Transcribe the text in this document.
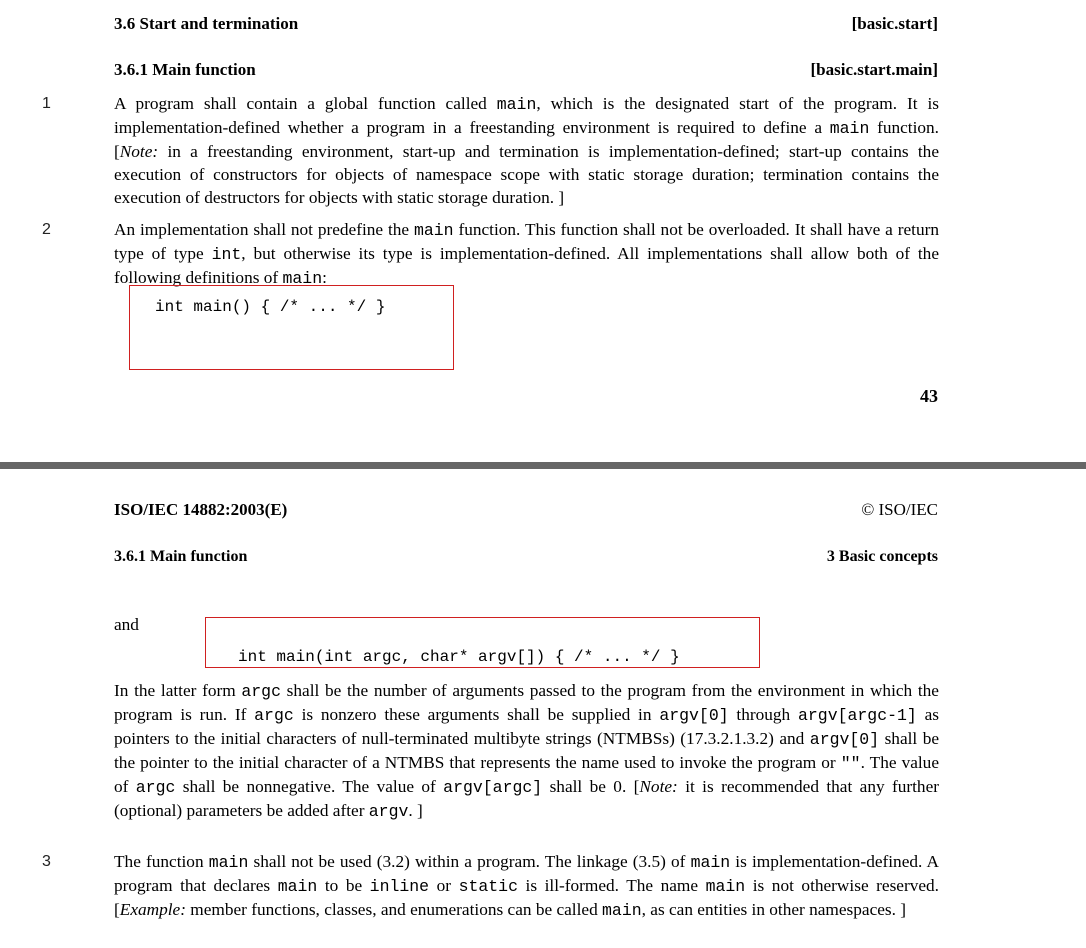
3.6 Start and termination	[basic.start]
3.6.1 Main function	[basic.start.main]
1	A program shall contain a global function called main, which is the designated start of the program. It is implementation-defined whether a program in a freestanding environment is required to define a main function. [Note: in a freestanding environment, start-up and termination is implementation-defined; start-up contains the execution of constructors for objects of namespace scope with static storage duration; termination contains the execution of destructors for objects with static storage duration. ]

2	An implementation shall not predefine the main function. This function shall not be overloaded. It shall have a return type of type int, but otherwise its type is implementation-defined. All implementations shall allow both of the following definitions of main:

int main() { /* ... */ }
43
ISO/IEC 14882:2003(E)	© ISO/IEC
3.6.1 Main function	3 Basic concepts
and
int main(int argc, char* argv[]) { /* ... */ }

In the latter form argc shall be the number of arguments passed to the program from the environment in which the program is run. If argc is nonzero these arguments shall be supplied in argv[0] through argv[argc-1] as pointers to the initial characters of null-terminated multibyte strings (NTMBSs) (17.3.2.1.3.2) and argv[0] shall be the pointer to the initial character of a NTMBS that represents the name used to invoke the program or "". The value of argc shall be nonnegative. The value of argv[argc] shall be 0. [Note: it is recommended that any further (optional) parameters be added after argv. ]

3	The function main shall not be used (3.2) within a program. The linkage (3.5) of main is implementation-defined. A program that declares main to be inline or static is ill-formed. The name main is not otherwise reserved. [Example: member functions, classes, and enumerations can be called main, as can entities in other namespaces. ]
